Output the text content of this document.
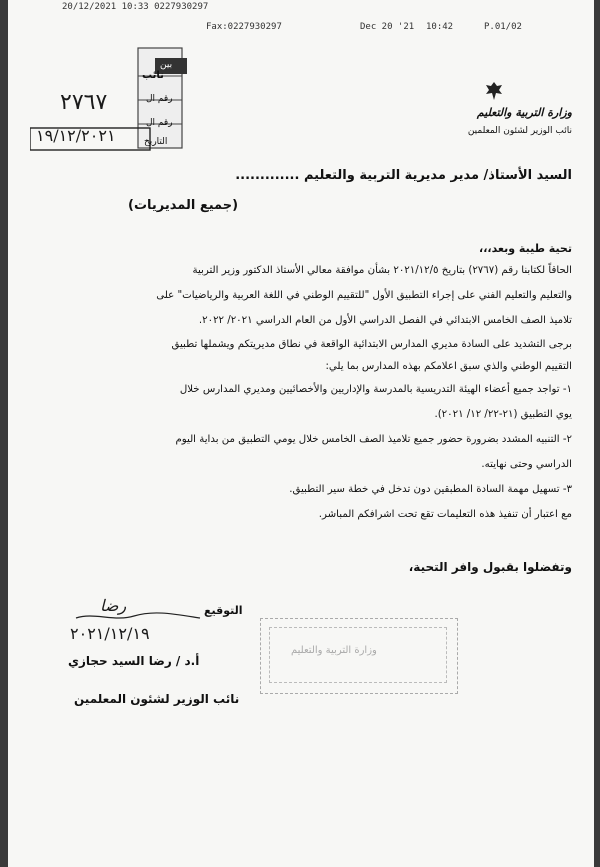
20/12/2021 10:33 0227930297
Fax:0227930297	Dec 20 '21 10:42	P.01/02
نائب
بين
رقم ال
رقم ال
التاريخ
٢٧٦٧
١٩/١٢/٢٠٢١
وزارة التربية والتعليم
نائب الوزير لشئون المعلمين
السيد الأستاذ/ مدير مديرية التربية والتعليم .............
(جميع المديريات)
تحية طيبة وبعد،،،
الحاقاً لكتابنا رقم (٢٧٦٧) بتاريخ ٢٠٢١/١٢/٥ بشأن موافقة معالي الأستاذ الدكتور وزير التربية
والتعليم والتعليم الفني على إجراء التطبيق الأول "للتقييم الوطني في اللغة العربية والرياضيات" على
تلاميذ الصف الخامس الابتدائي في الفصل الدراسي الأول من العام الدراسي ٢٠٢١/ ٢٠٢٢.
برجى التشديد على السادة مديري المدارس الابتدائية الواقعة في نطاق مديريتكم ويشملها تطبيق
التقييم الوطني والذي سبق اعلامكم بهذه المدارس بما يلي:
١- تواجد جميع أعضاء الهيئة التدريسية بالمدرسة والإداريين والأخصائيين ومديري المدارس خلال
يوي التطبيق (٢١-٢٢/ ١٢/ ٢٠٢١).
٢- التنبيه المشدد بضرورة حضور جميع تلاميذ الصف الخامس خلال يومي التطبيق من بداية اليوم
الدراسي وحتى نهايته.
٣- تسهيل مهمة السادة المطبقين دون تدخل في خطة سير التطبيق.
مع اعتبار أن تنفيذ هذه التعليمات تقع تحت اشرافكم المباشر.
وتفضلوا بقبول وافر التحية،
التوقيع
رضا
٢٠٢١/١٢/١٩
أ.د / رضا السيد حجازي
نائب الوزير لشئون المعلمين
وزارة التربية والتعليم
